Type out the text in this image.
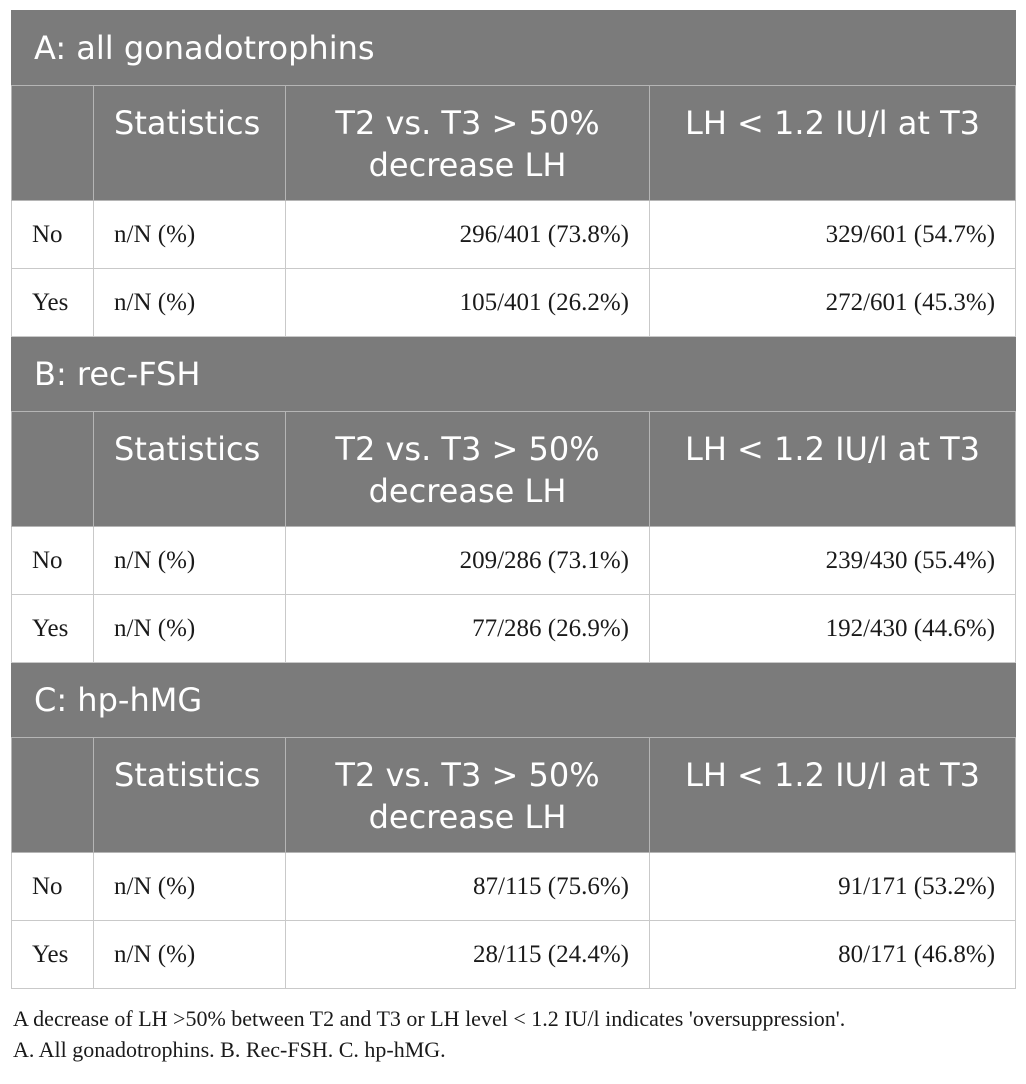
A: all gonadotrophins			
	Statistics	T2 vs. T3 > 50% decrease LH	LH < 1.2 IU/l at T3
No	n/N (%)	296/401 (73.8%)	329/601 (54.7%)
Yes	n/N (%)	105/401 (26.2%)	272/601 (45.3%)
B: rec-FSH			
	Statistics	T2 vs. T3 > 50% decrease LH	LH < 1.2 IU/l at T3
No	n/N (%)	209/286 (73.1%)	239/430 (55.4%)
Yes	n/N (%)	77/286 (26.9%)	192/430 (44.6%)
C: hp-hMG			
	Statistics	T2 vs. T3 > 50% decrease LH	LH < 1.2 IU/l at T3
No	n/N (%)	87/115 (75.6%)	91/171 (53.2%)
Yes	n/N (%)	28/115 (24.4%)	80/171 (46.8%)
A decrease of LH >50% between T2 and T3 or LH level < 1.2 IU/l indicates 'oversuppression'.
A. All gonadotrophins. B. Rec-FSH. C. hp-hMG.
